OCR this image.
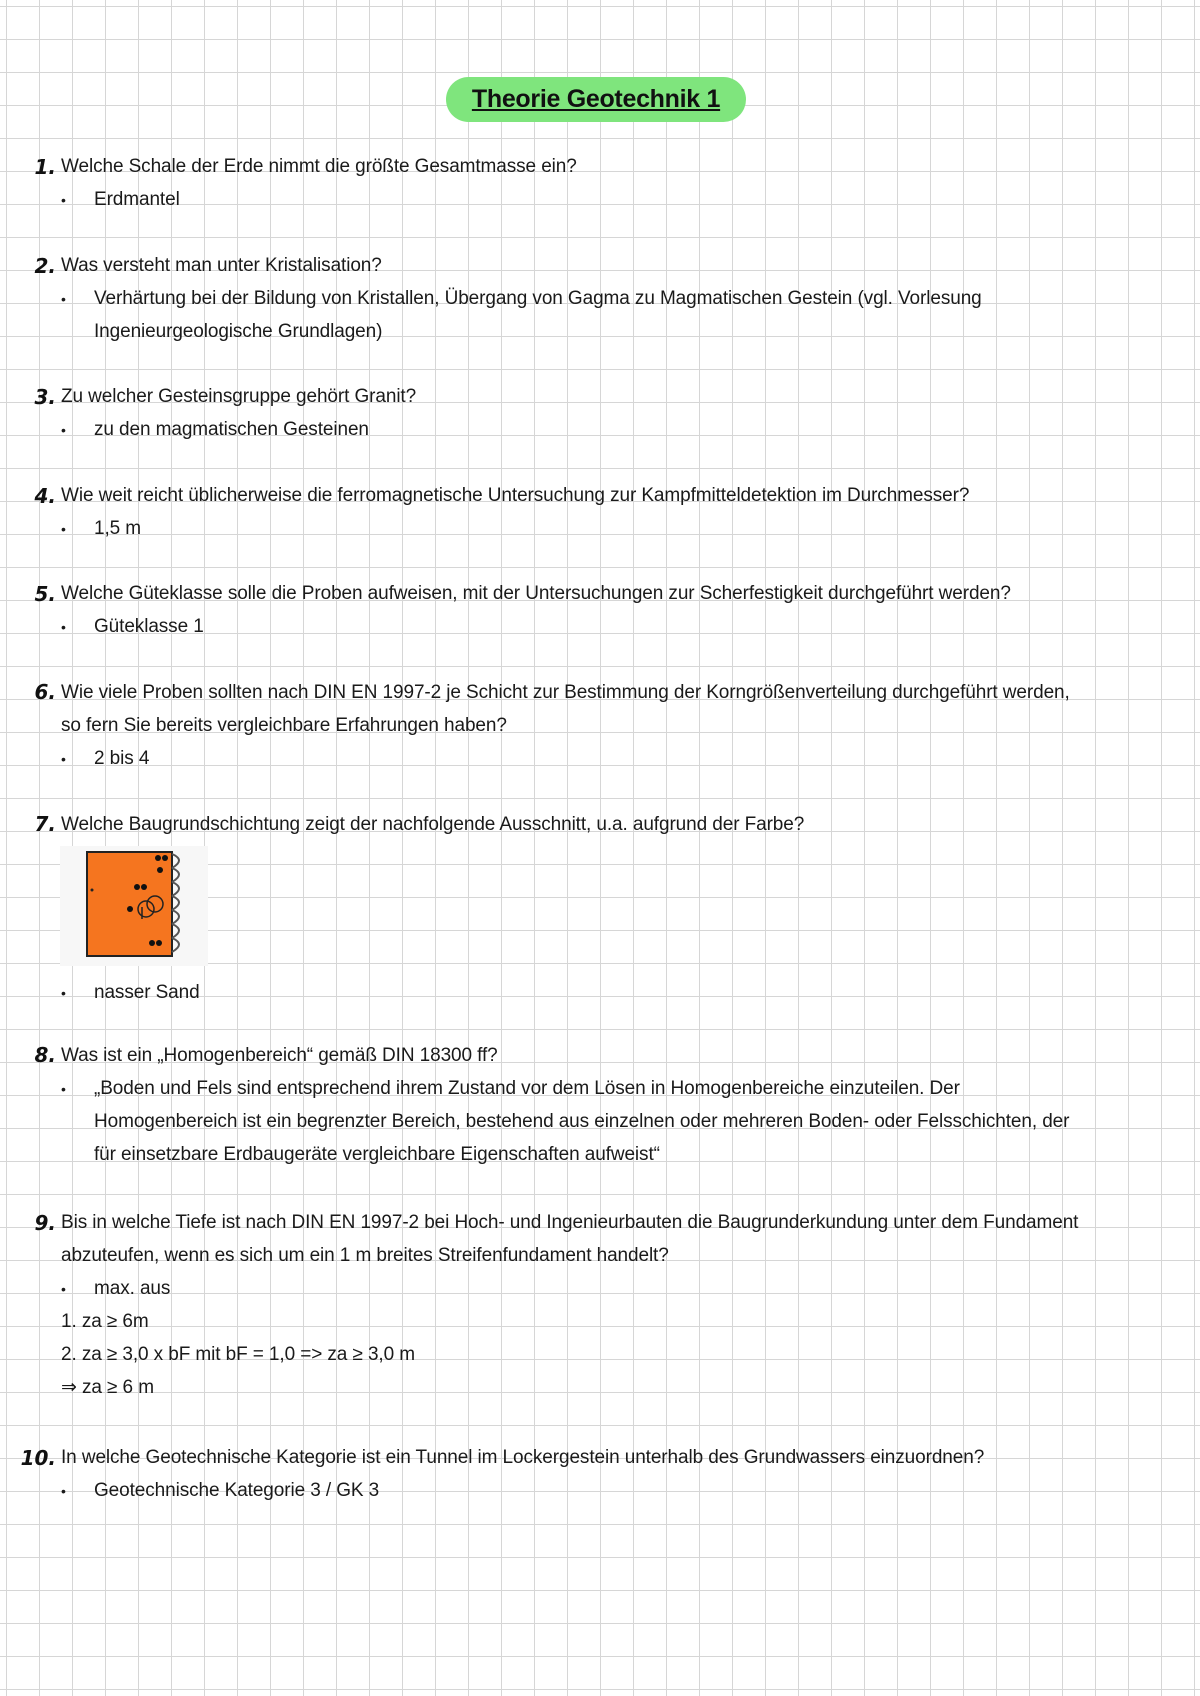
Theorie Geotechnik 1
1. Welche Schale der Erde nimmt die größte Gesamtmasse ein?
•	Erdmantel
2. Was versteht man unter Kristalisation?
•	Verhärtung bei der Bildung von Kristallen, Übergang von Gagma zu Magmatischen Gestein (vgl. Vorlesung
Ingenieurgeologische Grundlagen)
3. Zu welcher Gesteinsgruppe gehört Granit?
•	zu den magmatischen Gesteinen
4. Wie weit reicht üblicherweise die ferromagnetische Untersuchung zur Kampfmitteldetektion im Durchmesser?
•	1,5 m
5. Welche Güteklasse solle die Proben aufweisen, mit der Untersuchungen zur Scherfestigkeit durchgeführt werden?
•	Güteklasse 1
6. Wie viele Proben sollten nach DIN EN 1997-2 je Schicht zur Bestimmung der Korngrößenverteilung durchgeführt werden,
so fern Sie bereits vergleichbare Erfahrungen haben?
•	2 bis 4
7. Welche Baugrundschichtung zeigt der nachfolgende Ausschnitt, u.a. aufgrund der Farbe?
•	nasser Sand
8. Was ist ein „Homogenbereich“ gemäß DIN 18300 ff?
•	„Boden und Fels sind entsprechend ihrem Zustand vor dem Lösen in Homogenbereiche einzuteilen. Der
Homogenbereich ist ein begrenzter Bereich, bestehend aus einzelnen oder mehreren Boden- oder Felsschichten, der
für einsetzbare Erdbaugeräte vergleichbare Eigenschaften aufweist“
9. Bis in welche Tiefe ist nach DIN EN 1997-2 bei Hoch- und Ingenieurbauten die Baugrunderkundung unter dem Fundament
abzuteufen, wenn es sich um ein 1 m breites Streifenfundament handelt?
•	max. aus
1. za ≥ 6m
2. za ≥ 3,0 x bF mit bF = 1,0 => za ≥ 3,0 m
⇒ za ≥ 6 m
10. In welche Geotechnische Kategorie ist ein Tunnel im Lockergestein unterhalb des Grundwassers einzuordnen?
•	Geotechnische Kategorie 3 / GK 3
